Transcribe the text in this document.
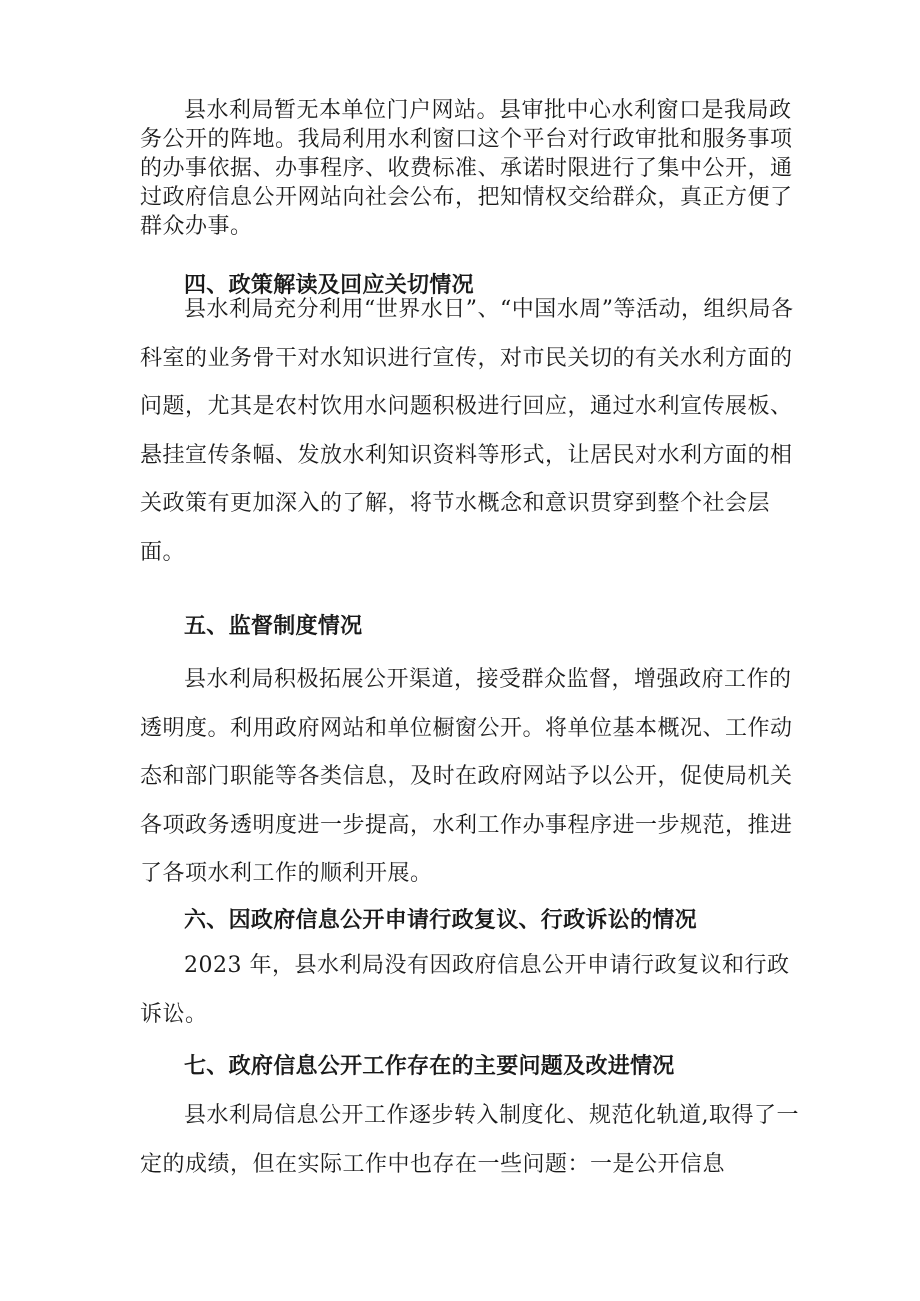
县水利局暂无本单位门户网站。县审批中心水利窗口是我局政务公开的阵地。我局利用水利窗口这个平台对行政审批和服务事项的办事依据、办事程序、收费标准、承诺时限进行了集中公开，通过政府信息公开网站向社会公布，把知情权交给群众，真正方便了群众办事。

四、政策解读及回应关切情况

县水利局充分利用“世界水日”、“中国水周”等活动，组织局各科室的业务骨干对水知识进行宣传，对市民关切的有关水利方面的问题，尤其是农村饮用水问题积极进行回应，通过水利宣传展板、悬挂宣传条幅、发放水利知识资料等形式，让居民对水利方面的相关政策有更加深入的了解，将节水概念和意识贯穿到整个社会层面。

五、监督制度情况

县水利局积极拓展公开渠道，接受群众监督，增强政府工作的透明度。利用政府网站和单位橱窗公开。将单位基本概况、工作动态和部门职能等各类信息，及时在政府网站予以公开，促使局机关各项政务透明度进一步提高，水利工作办事程序进一步规范，推进了各项水利工作的顺利开展。

六、因政府信息公开申请行政复议、行政诉讼的情况

2023 年，县水利局没有因政府信息公开申请行政复议和行政诉讼。

七、政府信息公开工作存在的主要问题及改进情况

县水利局信息公开工作逐步转入制度化、规范化轨道,取得了一定的成绩，但在实际工作中也存在一些问题：一是公开信息
